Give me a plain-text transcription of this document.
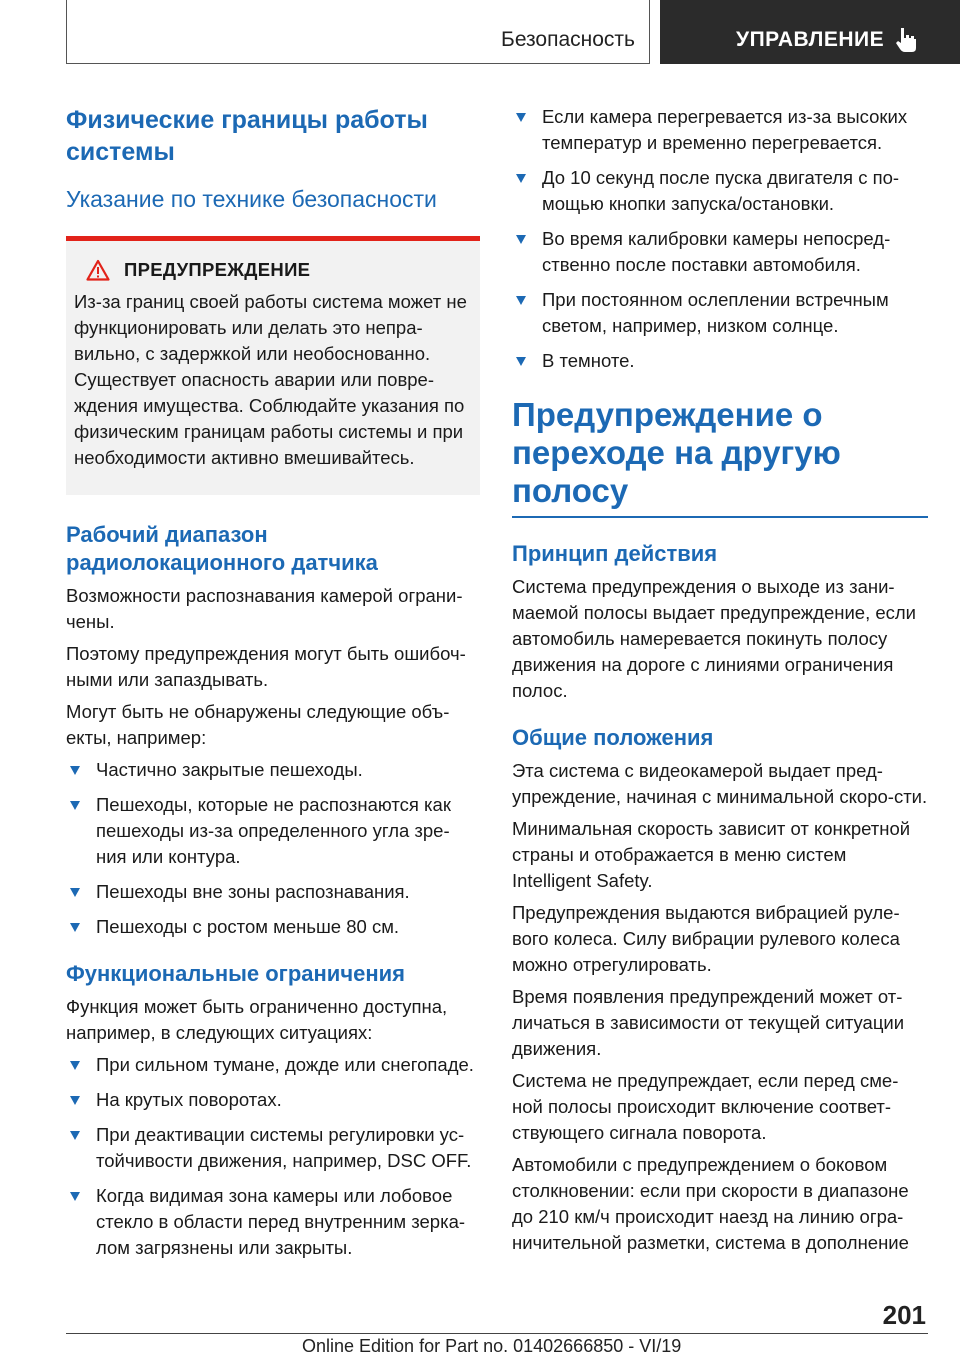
Безопасность	УПРАВЛЕНИЕ
Физические границы работы системы
Указание по технике безопасности
ПРЕДУПРЕЖДЕНИЕ

Из-за границ своей работы система может не функционировать или делать это непра-вильно, с задержкой или необоснованно. Существует опасность аварии или повре-ждения имущества. Соблюдайте указания по физическим границам работы системы и при необходимости активно вмешивайтесь.

Рабочий диапазон радиолокационного датчика

Возможности распознавания камерой ограни-чены.

Поэтому предупреждения могут быть ошибоч-ными или запаздывать.

Могут быть не обнаружены следующие объ-екты, например:

Частично закрытые пешеходы.
Пешеходы, которые не распознаются как пешеходы из-за определенного угла зре-ния или контура.
Пешеходы вне зоны распознавания.
Пешеходы с ростом меньше 80 см.
Функциональные ограничения

Функция может быть ограниченно доступна, например, в следующих ситуациях:

При сильном тумане, дожде или снегопаде.
На крутых поворотах.
При деактивации системы регулировки ус-тойчивости движения, например, DSC OFF.
Когда видимая зона камеры или лобовое стекло в области перед внутренним зерка-лом загрязнены или закрыты.
Если камера перегревается из-за высоких температур и временно перегревается.
До 10 секунд после пуска двигателя с по-мощью кнопки запуска/остановки.
Во время калибровки камеры непосред-ственно после поставки автомобиля.
При постоянном ослеплении встречным светом, например, низком солнце.
В темноте.
Предупреждение о переходе на другую полосу
Принцип действия

Система предупреждения о выходе из зани-маемой полосы выдает предупреждение, если автомобиль намеревается покинуть полосу движения на дороге с линиями ограничения полос.

Общие положения

Эта система с видеокамерой выдает пред-упреждение, начиная с минимальной скоро-сти.

Минимальная скорость зависит от конкретной страны и отображается в меню систем Intelligent Safety.

Предупреждения выдаются вибрацией руле-вого колеса. Силу вибрации рулевого колеса можно отрегулировать.

Время появления предупреждений может от-личаться в зависимости от текущей ситуации движения.

Система не предупреждает, если перед сме-ной полосы происходит включение соответ-ствующего сигнала поворота.

Автомобили с предупреждением о боковом столкновении: если при скорости в диапазоне до 210 км/ч происходит наезд на линию огра-ничительной разметки, система в дополнение

201
Online Edition for Part no. 01402666850 - VI/19
